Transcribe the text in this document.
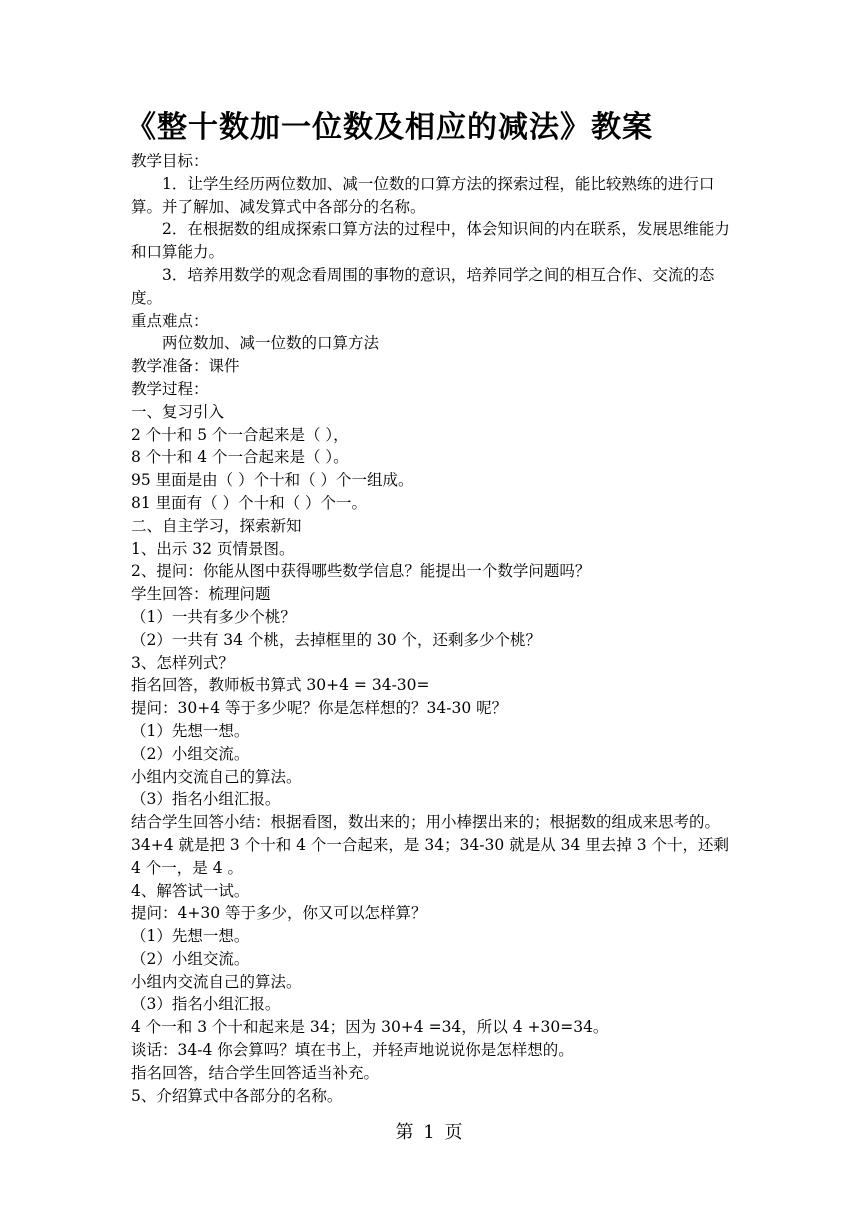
《整十数加一位数及相应的减法》教案
教学目标：

1．让学生经历两位数加、减一位数的口算方法的探索过程，能比较熟练的进行口算。并了解加、减发算式中各部分的名称。

2．在根据数的组成探索口算方法的过程中，体会知识间的内在联系，发展思维能力和口算能力。

3．培养用数学的观念看周围的事物的意识，培养同学之间的相互合作、交流的态度。

重点难点：
两位数加、减一位数的口算方法
教学准备：课件
教学过程：
一、复习引入
2 个十和 5 个一合起来是（ ），
8 个十和 4 个一合起来是（ ）。
95 里面是由（ ）个十和（ ）个一组成。
81 里面有（ ）个十和（ ）个一。
二、自主学习，探索新知
1、出示 32 页情景图。
2、提问：你能从图中获得哪些数学信息？能提出一个数学问题吗？
学生回答：梳理问题
（1）一共有多少个桃？
（2）一共有 34 个桃，去掉框里的 30 个，还剩多少个桃？
3、怎样列式？
指名回答，教师板书算式 30+4 = 34-30=
提问：30+4 等于多少呢？你是怎样想的？34-30 呢？
（1）先想一想。
（2）小组交流。
小组内交流自己的算法。
（3）指名小组汇报。

结合学生回答小结：根据看图，数出来的；用小棒摆出来的；根据数的组成来思考的。34+4 就是把 3 个十和 4 个一合起来，是 34；34-30 就是从 34 里去掉 3 个十，还剩 4 个一，是 4 。

4、解答试一试。
提问：4+30 等于多少，你又可以怎样算？
（1）先想一想。
（2）小组交流。
小组内交流自己的算法。
（3）指名小组汇报。
4 个一和 3 个十和起来是 34；因为 30+4 =34，所以 4 +30=34。
谈话：34-4 你会算吗？填在书上，并轻声地说说你是怎样想的。
指名回答，结合学生回答适当补充。
5、介绍算式中各部分的名称。
第 1 页
